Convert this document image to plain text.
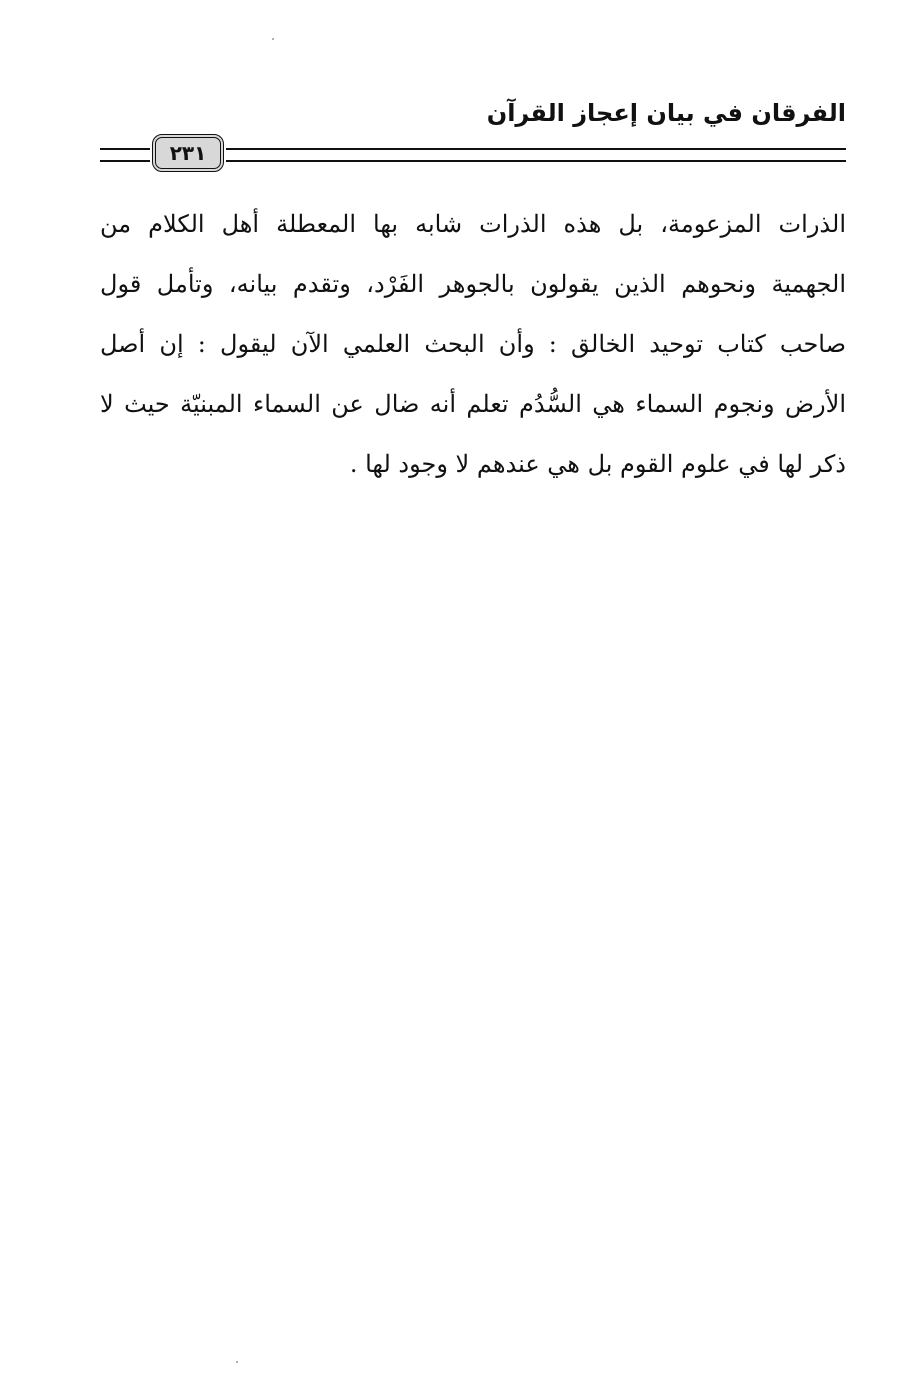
الفرقان في بيان إعجاز القرآن
٢٣١
الذرات المزعومة، بل هذه الذرات شابه بها المعطلة أهل الكلام من
الجهمية ونحوهم الذين يقولون بالجوهر الفَرْد، وتقدم بيانه، وتأمل قول
صاحب كتاب توحيد الخالق : وأن البحث العلمي الآن ليقول : إن أصل
الأرض ونجوم السماء هي السُّدُم تعلم أنه ضال عن السماء المبنيّة حيث لا
ذكر لها في علوم القوم بل هي عندهم لا وجود لها .
